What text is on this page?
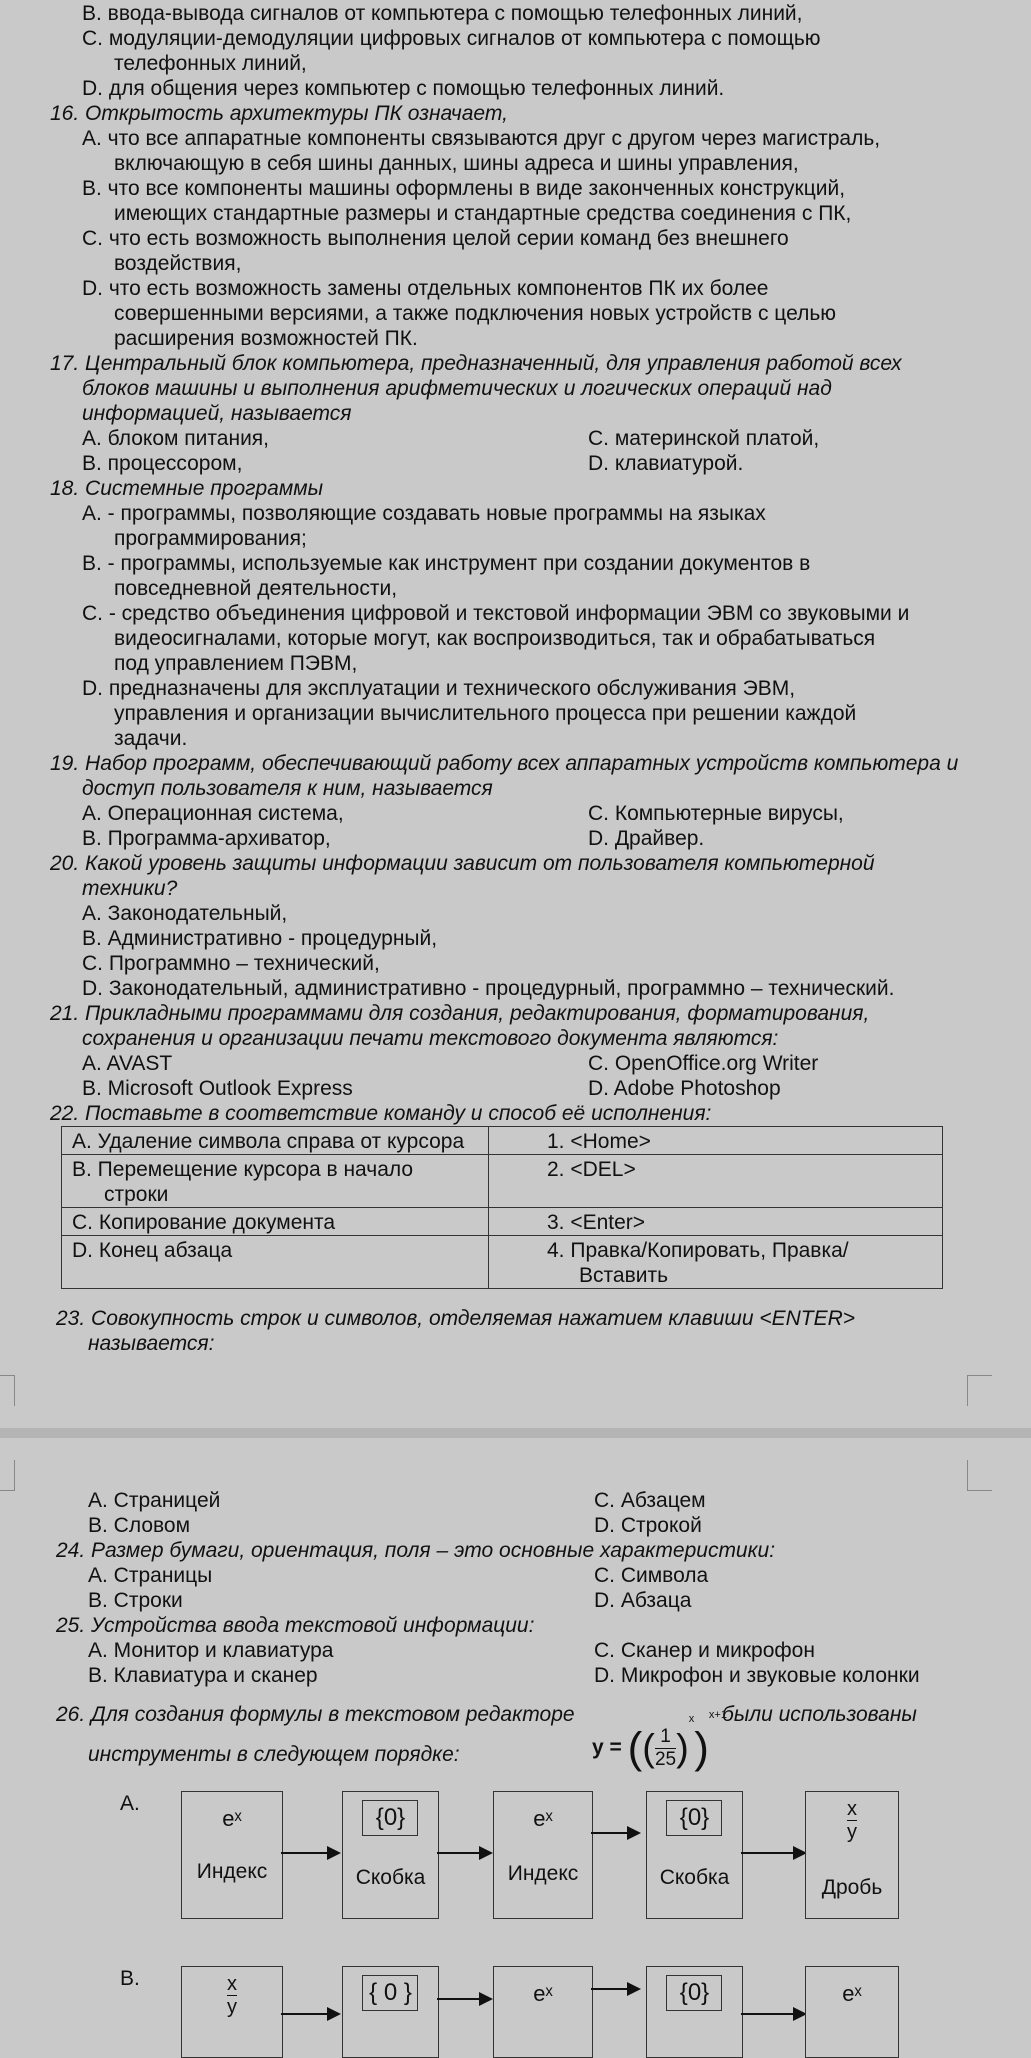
B. ввода-вывода сигналов от компьютера с помощью телефонных линий,
C. модуляции-демодуляции цифровых сигналов от компьютера с помощью
телефонных линий,
D. для общения через компьютер с помощью телефонных линий.
16. Открытость архитектуры ПК означает,
A. что все аппаратные компоненты связываются друг с другом через магистраль,
включающую в себя шины данных, шины адреса и шины управления,
B. что все компоненты машины оформлены в виде законченных конструкций,
имеющих стандартные размеры и стандартные средства соединения с ПК,
C. что есть возможность выполнения целой серии команд без внешнего
воздействия,
D. что есть возможность замены отдельных компонентов ПК их более
совершенными версиями, а также подключения новых устройств с целью
расширения возможностей ПК.
17. Центральный блок компьютера, предназначенный, для управления работой всех
блоков машины и выполнения арифметических и логических операций над
информацией, называется
A. блоком питания,	C. материнской платой,
B. процессором,	D. клавиатурой.
18. Системные программы
A. - программы, позволяющие создавать новые программы на языках
программирования;
B. - программы, используемые как инструмент при создании документов в
повседневной деятельности,
C. - средство объединения цифровой и текстовой информации ЭВМ со звуковыми и
видеосигналами, которые могут, как воспроизводиться, так и обрабатываться
под управлением ПЭВМ,
D. предназначены для эксплуатации и технического обслуживания ЭВМ,
управления и организации вычислительного процесса при решении каждой
задачи.
19. Набор программ, обеспечивающий работу всех аппаратных устройств компьютера и
доступ пользователя к ним, называется
A. Операционная система,	C. Компьютерные вирусы,
B. Программа-архиватор,	D. Драйвер.
20. Какой уровень защиты информации зависит от пользователя компьютерной
техники?
A. Законодательный,
B. Административно - процедурный,
C. Программно – технический,
D. Законодательный, административно - процедурный, программно – технический.
21. Прикладными программами для создания, редактирования, форматирования,
сохранения и организации печати текстового документа являются:
A. AVAST	C. OpenOffice.org Writer
B. Microsoft Outlook Express	D. Adobe Photoshop
22. Поставьте в соответствие команду и способ её исполнения:
A. Удаление символа справа от курсора	1. <Home>

B. Перемещение курсора в начало строки	2. <DEL>

C. Копирование документа	3. <Enter>

D. Конец абзаца	4. Правка/Копировать, Правка/Вставить
23. Совокупность строк и символов, отделяемая нажатием клавиши <ENTER>
называется:
A. Страницей	C. Абзацем
B. Словом	D. Строкой
24. Размер бумаги, ориентация, поля – это основные характеристики:
A. Страницы	C. Символа
B. Строки	D. Абзаца
25. Устройства ввода текстовой информации:
A. Монитор и клавиатура	C. Сканер и микрофон
B. Клавиатура и сканер	D. Микрофон и звуковые колонки
26. Для создания формулы в текстовом редакторе
y = (( $\frac{1}{25} )^x)^{x+1}$
были использованы
инструменты в следующем порядке:
A.
eˣ
Индекс
{0}
Скобка
eˣ
Индекс
{0}
Скобка
$\frac{x}{y}$
Дробь
B.	$\frac{x}{y}$	{ 0 }	eˣ	{0}	eˣ
